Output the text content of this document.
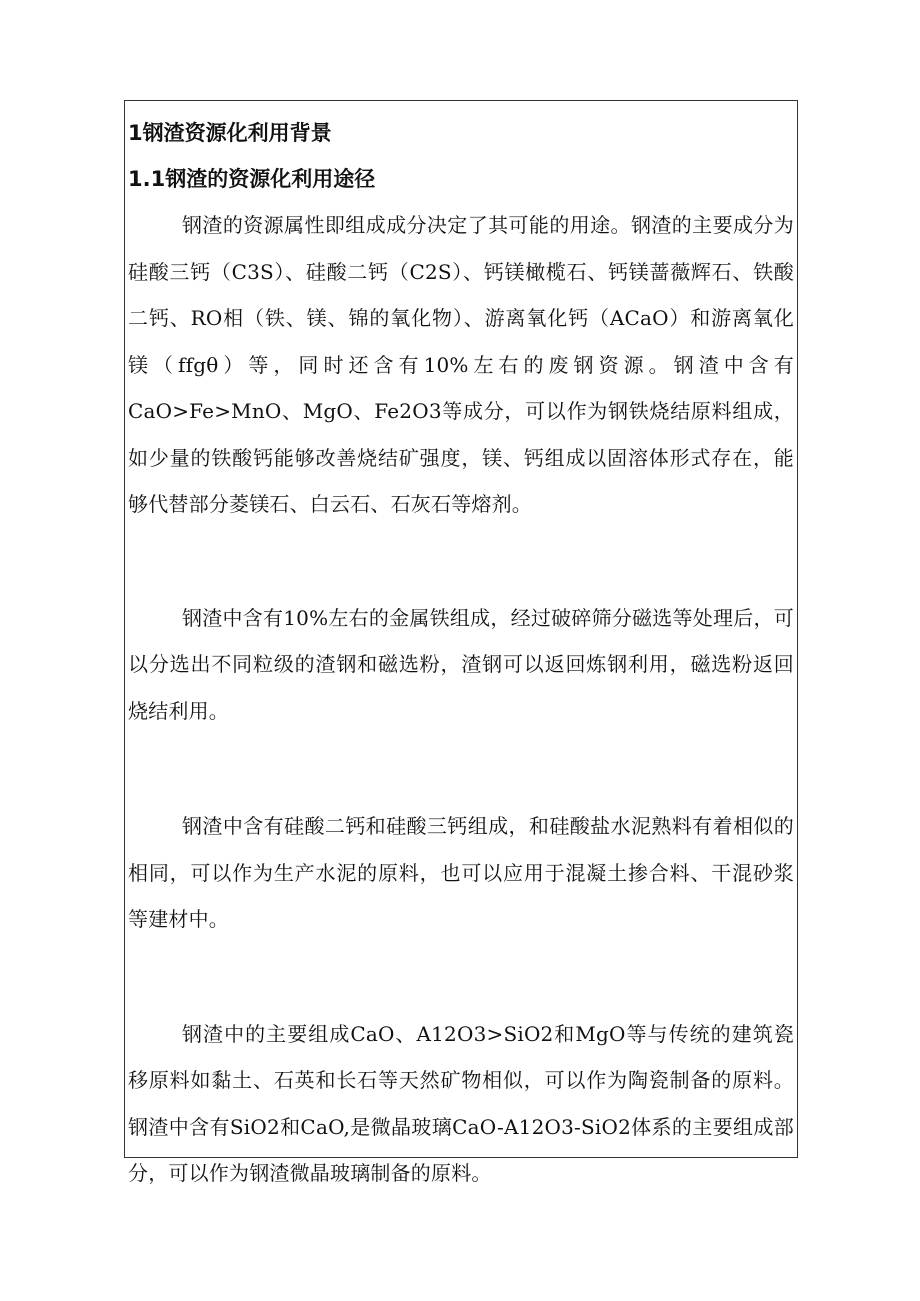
1钢渣资源化利用背景
1.1钢渣的资源化利用途径

钢渣的资源属性即组成成分决定了其可能的用途。钢渣的主要成分为硅酸三钙（C3S）、硅酸二钙（C2S）、钙镁橄榄石、钙镁蔷薇辉石、铁酸二钙、RO相（铁、镁、锦的氧化物）、游离氧化钙（ACaO）和游离氧化镁（ffgθ）等，同时还含有10%左右的废钢资源。钢渣中含有CaO>Fe>MnO、MgO、Fe2O3等成分，可以作为钢铁烧结原料组成，如少量的铁酸钙能够改善烧结矿强度，镁、钙组成以固溶体形式存在，能够代替部分菱镁石、白云石、石灰石等熔剂。

钢渣中含有10%左右的金属铁组成，经过破碎筛分磁选等处理后，可以分选出不同粒级的渣钢和磁选粉，渣钢可以返回炼钢利用，磁选粉返回烧结利用。

钢渣中含有硅酸二钙和硅酸三钙组成，和硅酸盐水泥熟料有着相似的相同，可以作为生产水泥的原料，也可以应用于混凝土掺合料、干混砂浆等建材中。

钢渣中的主要组成CaO、A12O3>SiO2和MgO等与传统的建筑瓷移原料如黏土、石英和长石等天然矿物相似，可以作为陶瓷制备的原料。钢渣中含有SiO2和CaO,是微晶玻璃CaO-A12O3-SiO2体系的主要组成部分，可以作为钢渣微晶玻璃制备的原料。
